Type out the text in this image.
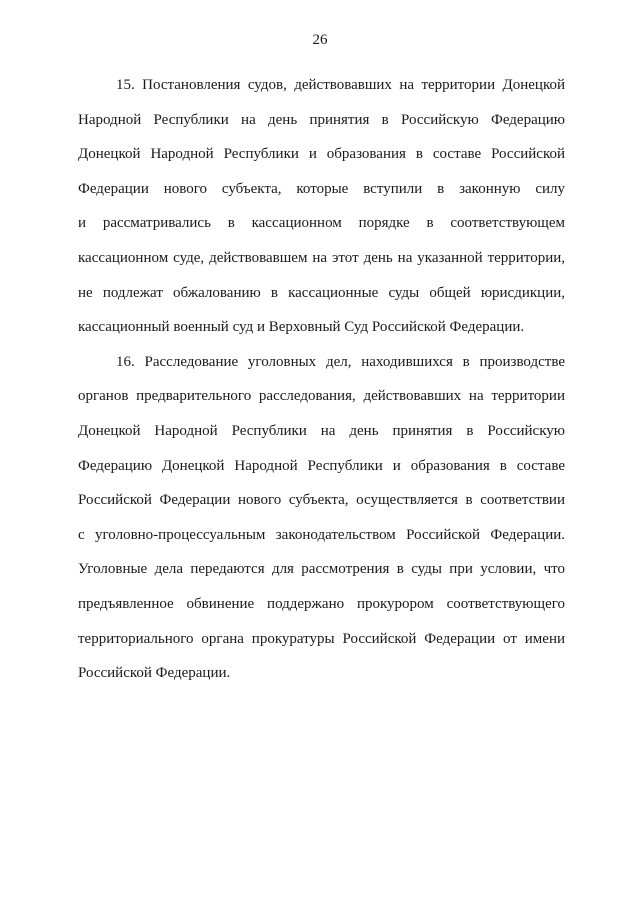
26
15. Постановления судов, действовавших на территории Донецкой
Народной Республики на день принятия в Российскую Федерацию
Донецкой Народной Республики и образования в составе Российской
Федерации нового субъекта, которые вступили в законную силу
и рассматривались в кассационном порядке в соответствующем
кассационном суде, действовавшем на этот день на указанной территории,
не подлежат обжалованию в кассационные суды общей юрисдикции,
кассационный военный суд и Верховный Суд Российской Федерации.
16. Расследование уголовных дел, находившихся в производстве
органов предварительного расследования, действовавших на территории
Донецкой Народной Республики на день принятия в Российскую
Федерацию Донецкой Народной Республики и образования в составе
Российской Федерации нового субъекта, осуществляется в соответствии
с уголовно-процессуальным законодательством Российской Федерации.
Уголовные дела передаются для рассмотрения в суды при условии, что
предъявленное обвинение поддержано прокурором соответствующего
территориального органа прокуратуры Российской Федерации от имени
Российской Федерации.
